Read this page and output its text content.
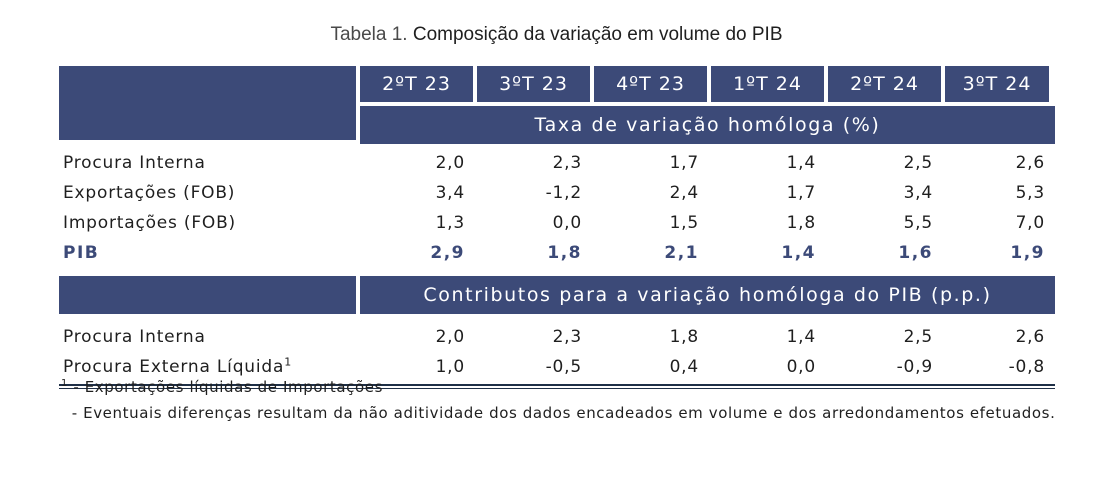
Tabela 1. Composição da variação em volume do PIB
2ºT 23	3ºT 23	4ºT 23	1ºT 24	2ºT 24	3ºT 24
Taxa de variação homóloga (%)
Procura Interna	2,0	2,3	1,7	1,4	2,5	2,6
Exportações (FOB)	3,4	-1,2	2,4	1,7	3,4	5,3
Importações (FOB)	1,3	0,0	1,5	1,8	5,5	7,0
PIB	2,9	1,8	2,1	1,4	1,6	1,9
Contributos para a variação homóloga do PIB (p.p.)
Procura Interna	2,0	2,3	1,8	1,4	2,5	2,6
Procura Externa Líquida$^1$	1,0	-0,5	0,4	0,0	-0,9	-0,8
$^1$ - Exportações líquidas de Importações
- Eventuais diferenças resultam da não aditividade dos dados encadeados em volume e dos arredondamentos efetuados.
